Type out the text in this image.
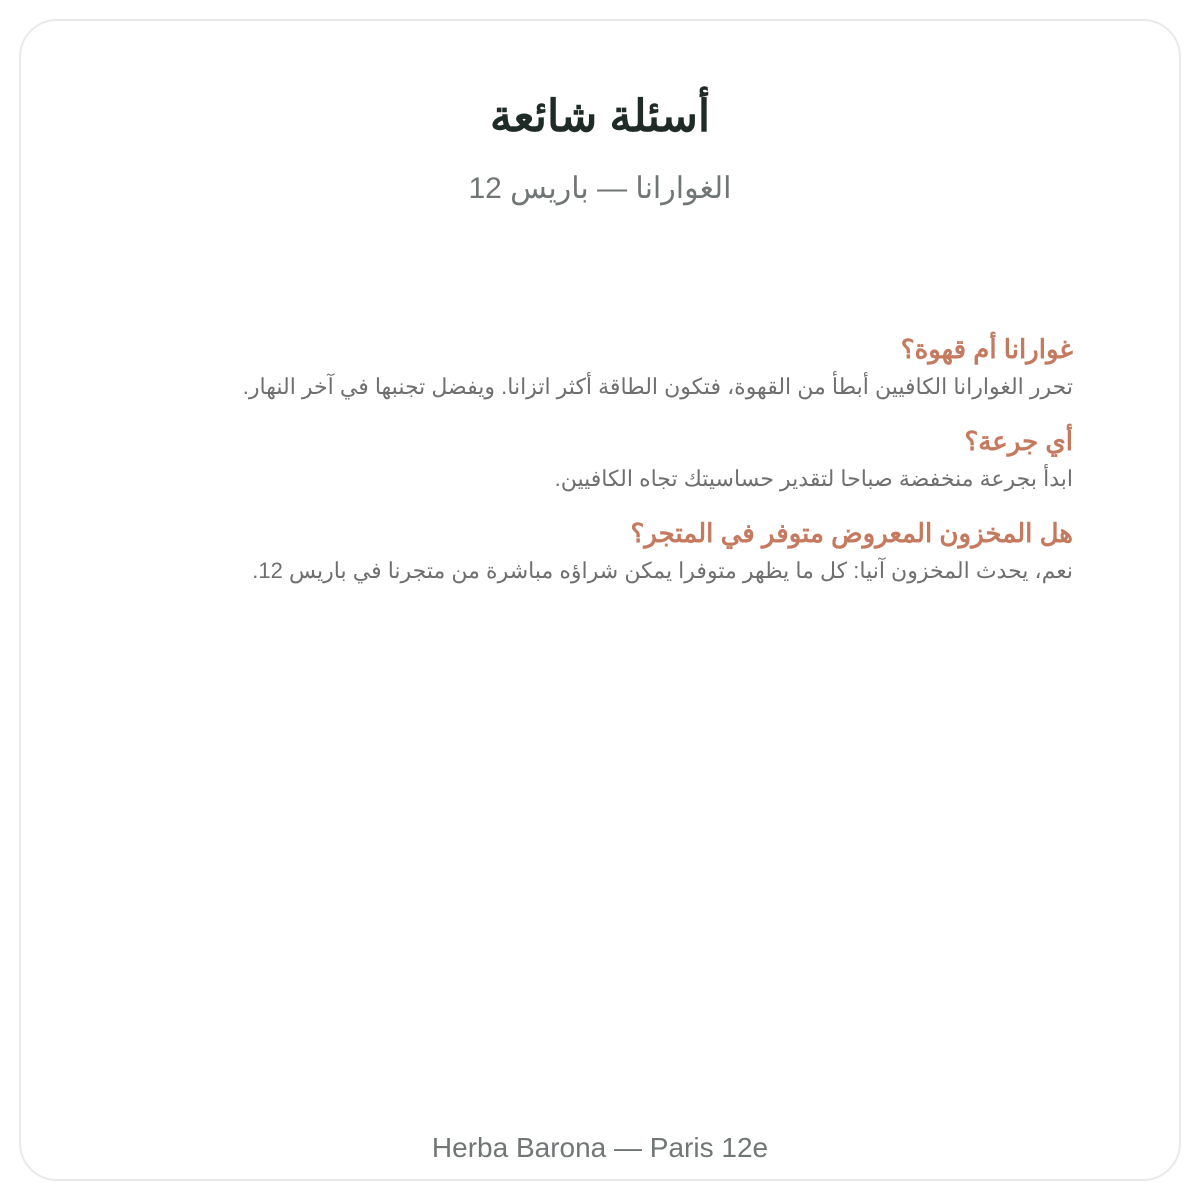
أسئلة شائعة

الغوارانا — باريس 12

غوارانا أم قهوة؟

تحرر الغوارانا الكافيين أبطأ من القهوة، فتكون الطاقة أكثر اتزانا. ويفضل تجنبها في آخر النهار.

أي جرعة؟

ابدأ بجرعة منخفضة صباحا لتقدير حساسيتك تجاه الكافيين.

هل المخزون المعروض متوفر في المتجر؟

نعم، يحدث المخزون آنيا: كل ما يظهر متوفرا يمكن شراؤه مباشرة من متجرنا في باريس 12.

Herba Barona — Paris 12e
